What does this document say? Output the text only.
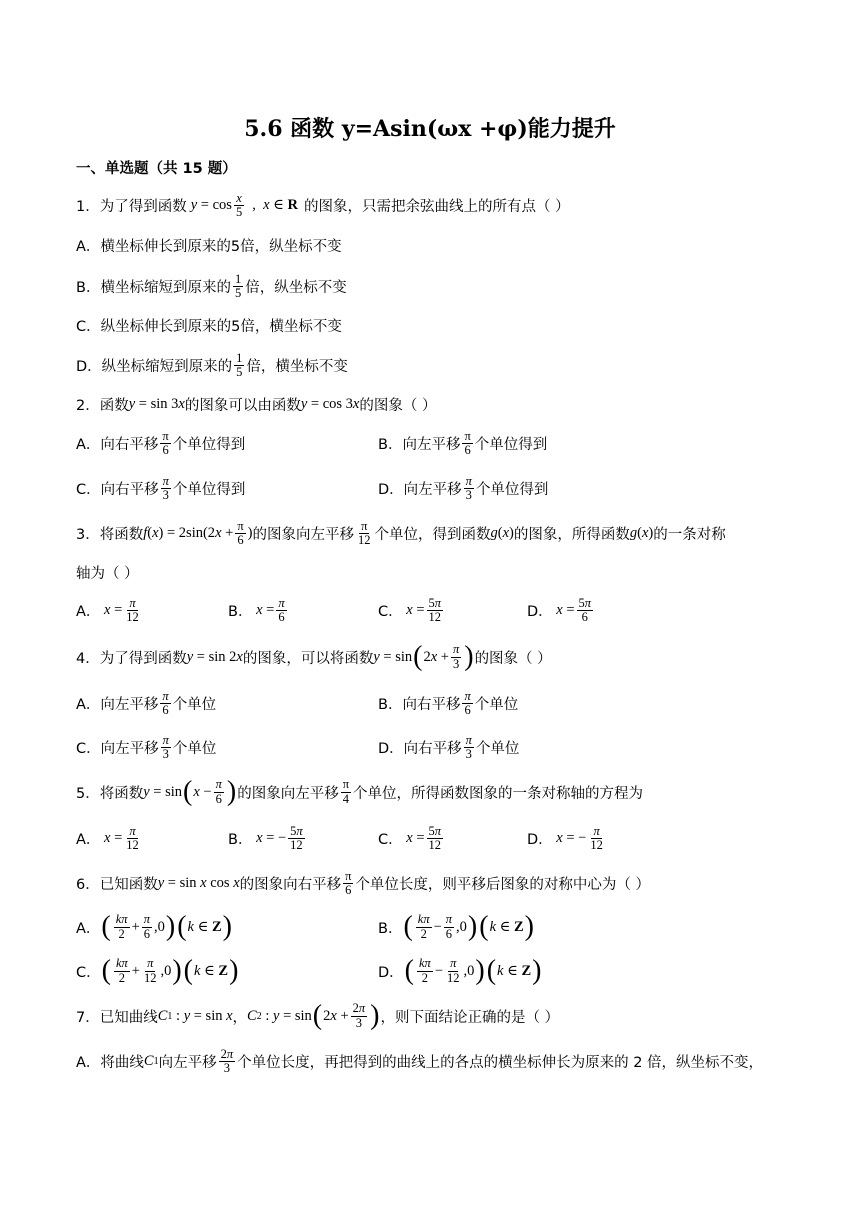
5.6 函数 y=Asin(ωx +φ)能力提升
一、单选题（共 15 题）
1．为了得到函数 $y = \cos \frac{x}{5}$ , x ∈ R 的图象，只需把余弦曲线上的所有点（ ）
A．横坐标伸长到原来的5倍，纵坐标不变
B．横坐标缩短到原来的 $\frac{1}{5}$ 倍，纵坐标不变
C．纵坐标伸长到原来的5倍，横坐标不变
D．纵坐标缩短到原来的 $\frac{1}{5}$ 倍，横坐标不变
2．函数 y = sin 3 x 的图象可以由函数 y = cos 3 x 的图象（ ）
A．向右平移 $\frac{\pi}{6}$ 个单位得到	B．向左平移 $\frac{\pi}{6}$ 个单位得到
C．向右平移 $\frac{\pi}{3}$ 个单位得到	D．向左平移 $\frac{\pi}{3}$ 个单位得到
3．将函数 f ( x ) = 2sin(2 $x + \frac{\pi}{6}$ ) 的图象向左平移 $\frac{\pi}{12}$ 个单位，得到函数 g ( x ) 的图象，所得函数 g ( x ) 的一条对称
轴为（ ）
A． $x = \frac{\pi}{12}$	B． $x = \frac{\pi}{6}$	C． $x = \frac{5\pi}{12}$	D． $x = \frac{5\pi}{6}$
4．为了得到函数 y = sin 2 x 的图象，可以将函数 y = sin ( 2 $x + \frac{\pi}{3}$ ) 的图象（ ）
A．向左平移 $\frac{\pi}{6}$ 个单位	B．向右平移 $\frac{\pi}{6}$ 个单位
C．向左平移 $\frac{\pi}{3}$ 个单位	D．向右平移 $\frac{\pi}{3}$ 个单位
5．将函数 y = sin ( $x - \frac{\pi}{6}$ ) 的图象向左平移 $\frac{\pi}{4}$ 个单位，所得函数图象的一条对称轴的方程为
A． $x = \frac{\pi}{12}$	B． x = − $\frac{5\pi}{12}$	C． $x = \frac{5\pi}{12}$	D． x = − $\frac{\pi}{12}$
6．已知函数 y = sin x cos x 的图象向右平移 $\frac{\pi}{6}$ 个单位长度，则平移后图象的对称中心为（ ）
A． ( $\frac{k\pi}{2} + \frac{\pi}{6} ,0$ ) ( k ∈ Z )	B． ( $\frac{k\pi}{2} - \frac{\pi}{6} ,0$ ) ( k ∈ Z )
C． ( $\frac{k\pi}{2} + \frac{\pi}{12} ,0$ ) ( k ∈ Z )	D． ( $\frac{k\pi}{2} - \frac{\pi}{12} ,0$ ) ( k ∈ Z )
7．已知曲线 C 1 : y = sin x ， C 2 : y = sin ( 2 $x + \frac{2\pi}{3}$ ) ，则下面结论正确的是（ ）
A．将曲线 C 1 向左平移 $\frac{2\pi}{3}$ 个单位长度，再把得到的曲线上的各点的横坐标伸长为原来的 2 倍，纵坐标不变，
